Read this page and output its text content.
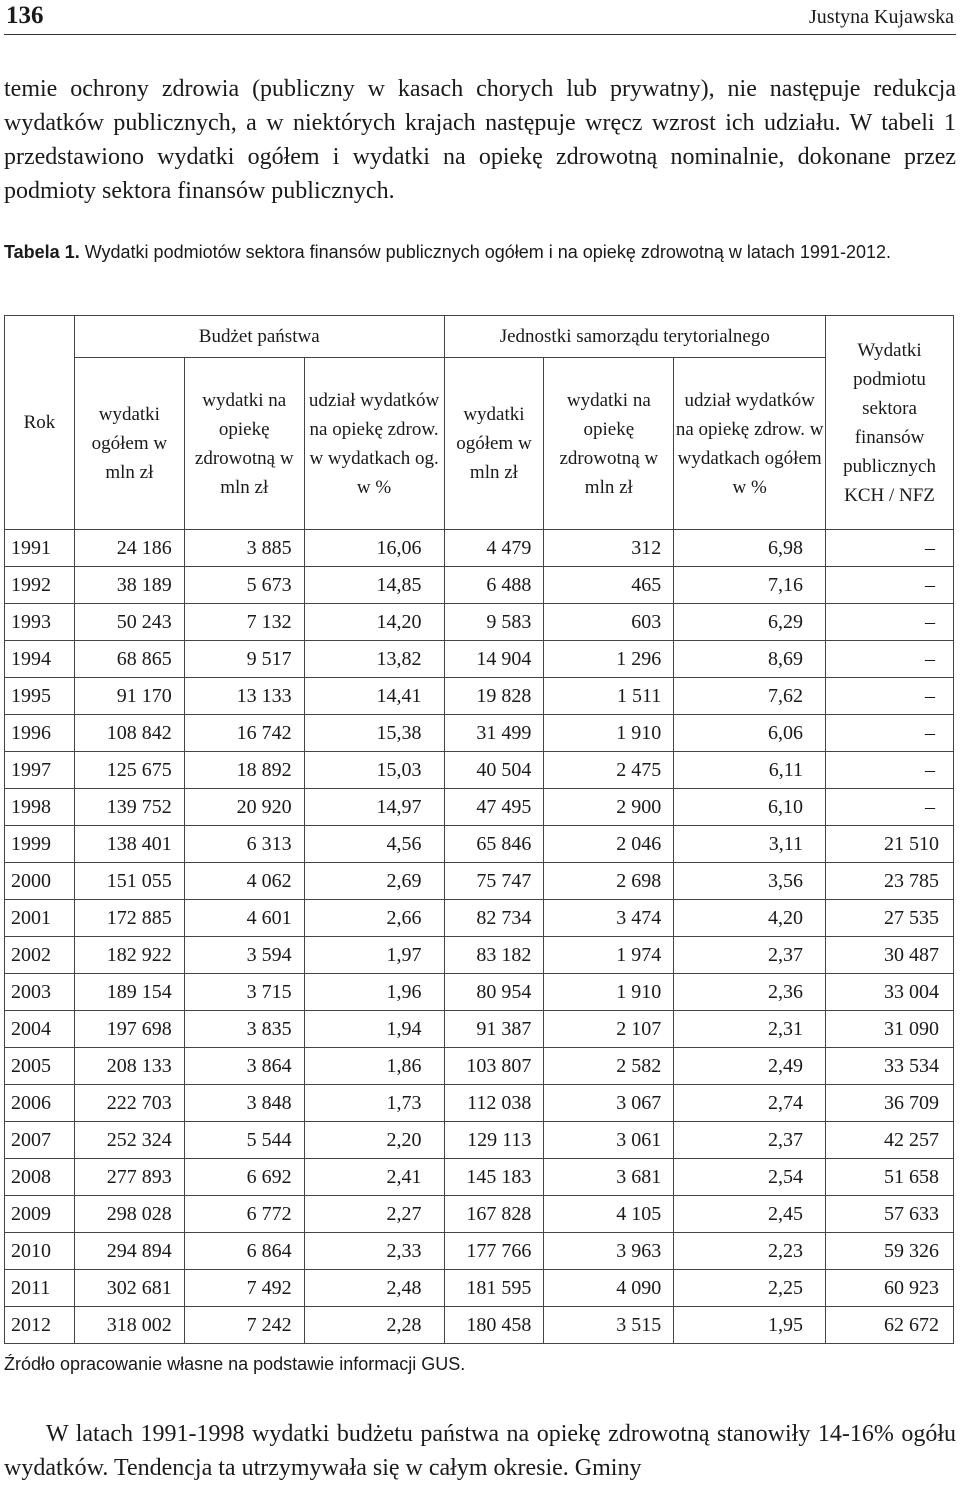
136	Justyna Kujawska

temie ochrony zdrowia (publiczny w kasach chorych lub prywatny), nie następuje redukcja wydatków publicznych, a w niektórych krajach następuje wręcz wzrost ich udziału. W tabeli 1 przedstawiono wydatki ogółem i wydatki na opiekę zdrowotną nominalnie, dokonane przez podmioty sektora finansów publicznych.

Tabela 1. Wydatki podmiotów sektora finansów publicznych ogółem i na opiekę zdrowotną w latach 1991-2012.

Rok	Budżet państwa			Jednostki samorządu terytorialnego			Wydatki podmiotu sektora finansów publicznych KCH / NFZ
	wydatki ogółem w mln zł	wydatki na opiekę zdrowotną w mln zł	udział wydatków na opiekę zdrow. w wydatkach og. w %	wydatki ogółem w mln zł	wydatki na opiekę zdrowotną w mln zł	udział wydatków na opiekę zdrow. w wydatkach ogółem w %	
1991	24 186	3 885	16,06	4 479	312	6,98	–
1992	38 189	5 673	14,85	6 488	465	7,16	–
1993	50 243	7 132	14,20	9 583	603	6,29	–
1994	68 865	9 517	13,82	14 904	1 296	8,69	–
1995	91 170	13 133	14,41	19 828	1 511	7,62	–
1996	108 842	16 742	15,38	31 499	1 910	6,06	–
1997	125 675	18 892	15,03	40 504	2 475	6,11	–
1998	139 752	20 920	14,97	47 495	2 900	6,10	–
1999	138 401	6 313	4,56	65 846	2 046	3,11	21 510
2000	151 055	4 062	2,69	75 747	2 698	3,56	23 785
2001	172 885	4 601	2,66	82 734	3 474	4,20	27 535
2002	182 922	3 594	1,97	83 182	1 974	2,37	30 487
2003	189 154	3 715	1,96	80 954	1 910	2,36	33 004
2004	197 698	3 835	1,94	91 387	2 107	2,31	31 090
2005	208 133	3 864	1,86	103 807	2 582	2,49	33 534
2006	222 703	3 848	1,73	112 038	3 067	2,74	36 709
2007	252 324	5 544	2,20	129 113	3 061	2,37	42 257
2008	277 893	6 692	2,41	145 183	3 681	2,54	51 658
2009	298 028	6 772	2,27	167 828	4 105	2,45	57 633
2010	294 894	6 864	2,33	177 766	3 963	2,23	59 326
2011	302 681	7 492	2,48	181 595	4 090	2,25	60 923
2012	318 002	7 242	2,28	180 458	3 515	1,95	62 672

Źródło opracowanie własne na podstawie informacji GUS.

W latach 1991-1998 wydatki budżetu państwa na opiekę zdrowotną stanowiły 14-16% ogółu wydatków. Tendencja ta utrzymywała się w całym okresie. Gminy
